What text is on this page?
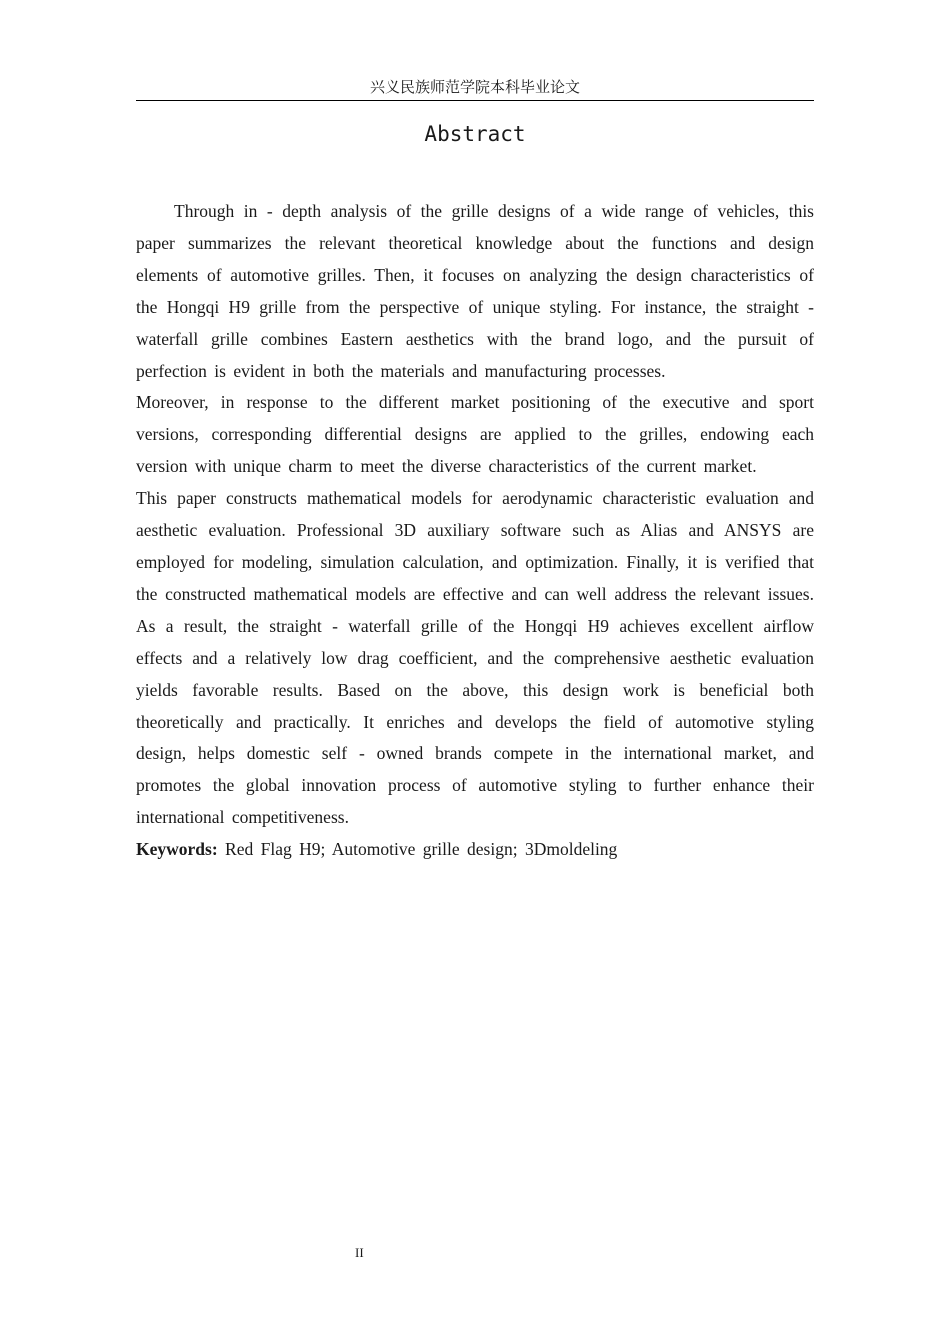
兴义民族师范学院本科毕业论文
Abstract

Through in - depth analysis of the grille designs of a wide range of vehicles, this paper summarizes the relevant theoretical knowledge about the functions and design elements of automotive grilles. Then, it focuses on analyzing the design characteristics of the Hongqi H9 grille from the perspective of unique styling. For instance, the straight - waterfall grille combines Eastern aesthetics with the brand logo, and the pursuit of perfection is evident in both the materials and manufacturing processes.

Moreover, in response to the different market positioning of the executive and sport versions, corresponding differential designs are applied to the grilles, endowing each version with unique charm to meet the diverse characteristics of the current market.

This paper constructs mathematical models for aerodynamic characteristic evaluation and aesthetic evaluation. Professional 3D auxiliary software such as Alias and ANSYS are employed for modeling, simulation calculation, and optimization. Finally, it is verified that the constructed mathematical models are effective and can well address the relevant issues. As a result, the straight - waterfall grille of the Hongqi H9 achieves excellent airflow effects and a relatively low drag coefficient, and the comprehensive aesthetic evaluation yields favorable results. Based on the above, this design work is beneficial both theoretically and practically. It enriches and develops the field of automotive styling design, helps domestic self - owned brands compete in the international market, and promotes the global innovation process of automotive styling to further enhance their international competitiveness.

Keywords: Red Flag H9; Automotive grille design; 3Dmoldeling

II
